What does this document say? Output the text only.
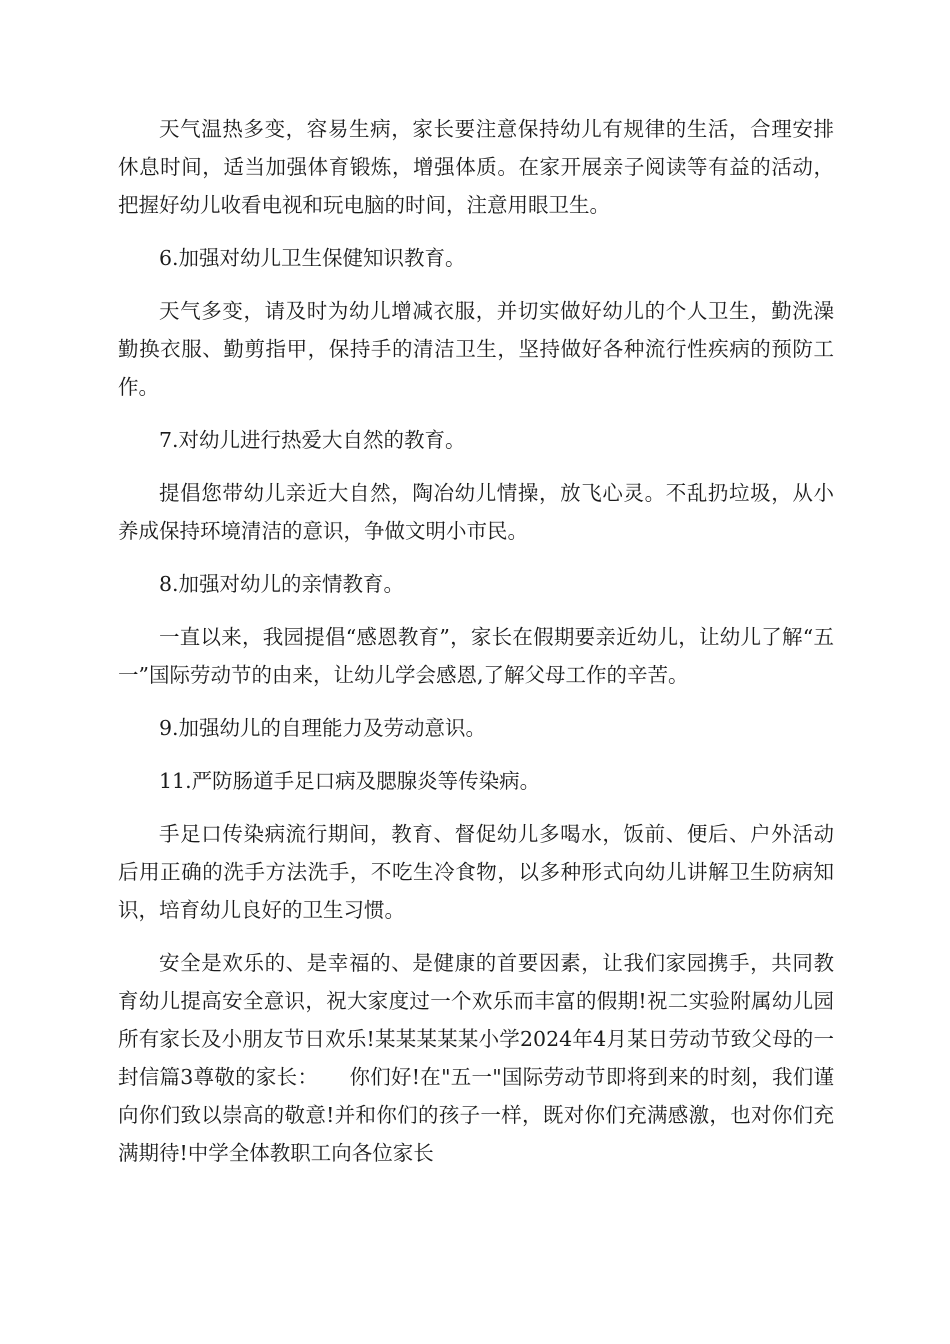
天气温热多变，容易生病，家长要注意保持幼儿有规律的生活，合理安排休息时间，适当加强体育锻炼，增强体质。在家开展亲子阅读等有益的活动，把握好幼儿收看电视和玩电脑的时间，注意用眼卫生。

6.加强对幼儿卫生保健知识教育。

天气多变，请及时为幼儿增减衣服，并切实做好幼儿的个人卫生，勤洗澡勤换衣服、勤剪指甲，保持手的清洁卫生，坚持做好各种流行性疾病的预防工作。

7.对幼儿进行热爱大自然的教育。

提倡您带幼儿亲近大自然，陶冶幼儿情操，放飞心灵。不乱扔垃圾，从小养成保持环境清洁的意识，争做文明小市民。

8.加强对幼儿的亲情教育。

一直以来，我园提倡“感恩教育”，家长在假期要亲近幼儿，让幼儿了解“五一”国际劳动节的由来，让幼儿学会感恩,了解父母工作的辛苦。

9.加强幼儿的自理能力及劳动意识。

11.严防肠道手足口病及腮腺炎等传染病。

手足口传染病流行期间，教育、督促幼儿多喝水，饭前、便后、户外活动后用正确的洗手方法洗手，不吃生冷食物，以多种形式向幼儿讲解卫生防病知识，培育幼儿良好的卫生习惯。

安全是欢乐的、是幸福的、是健康的首要因素，让我们家园携手，共同教育幼儿提高安全意识，祝大家度过一个欢乐而丰富的假期!祝二实验附属幼儿园所有家长及小朋友节日欢乐!某某某某某小学2024年4月某日劳动节致父母的一封信篇3尊敬的家长：　　你们好!在"五一"国际劳动节即将到来的时刻，我们谨向你们致以崇高的敬意!并和你们的孩子一样，既对你们充满感激，也对你们充满期待!中学全体教职工向各位家长
